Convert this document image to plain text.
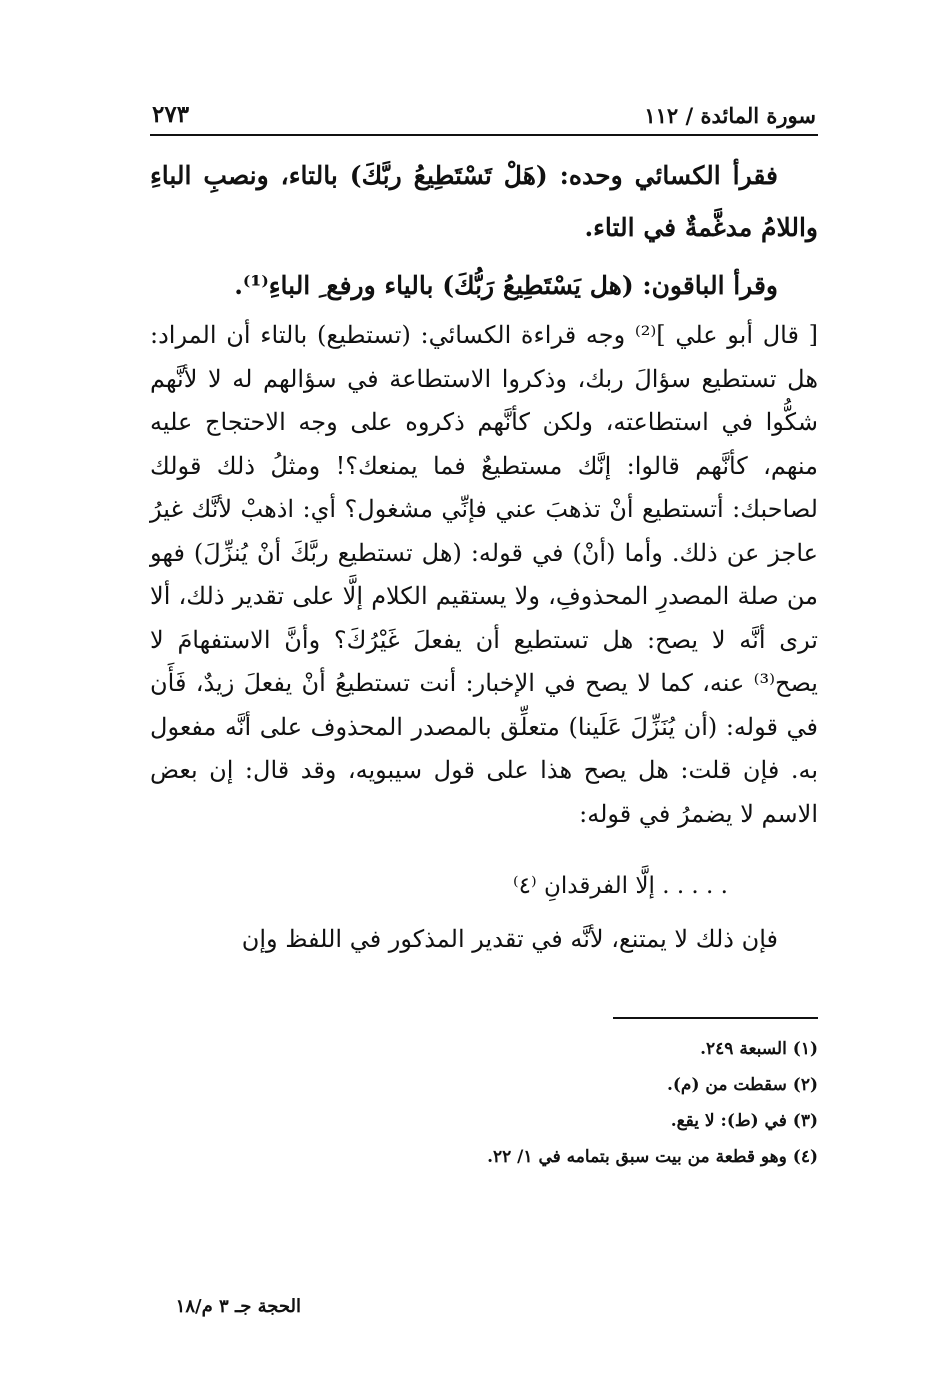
سورة المائدة / ١١٢
٢٧٣

فقرأ الكسائي وحده: (هَلْ تَسْتَطِيعُ ربَّكَ) بالتاء، ونصبِ الباءِ واللامُ مدغَّمةٌ في التاء.

وقرأ الباقون: (هل يَسْتَطِيعُ رَبُّكَ) بالياء ورفع ِ الباءِ⁽¹⁾.

[ قال أبو علي ]⁽²⁾ وجه قراءة الكسائي: (تستطيع) بالتاء أن المراد: هل تستطيع سؤالَ ربك، وذكروا الاستطاعة في سؤالهم له لا لأنَّهم شكُّوا في استطاعته، ولكن كأنَّهم ذكروه على وجه الاحتجاج عليه منهم، كأنَّهم قالوا: إنَّك مستطيعٌ فما يمنعك؟! ومثلُ ذلك قولك لصاحبك: أتستطيع أنْ تذهبَ عني فإنِّي مشغول؟ أي: اذهبْ لأنَّك غيرُ عاجز عن ذلك. وأما (أنْ) في قوله: (هل تستطيع ربَّكَ أنْ يُنزِّلَ) فهو من صلة المصدرِ المحذوفِ، ولا يستقيم الكلام إلَّا على تقدير ذلك، ألا ترى أنَّه لا يصح: هل تستطيع أن يفعلَ غَيْرُكَ؟ وأنَّ الاستفهامَ لا يصح⁽³⁾ عنه، كما لا يصح في الإخبار: أنت تستطيعُ أنْ يفعلَ زيدٌ، فَأَن في قوله: (أن يُنَزِّلَ عَلَينا) متعلِّق بالمصدر المحذوف على أنَّه مفعول به. فإن قلت: هل يصح هذا على قول سيبويه، وقد قال: إن بعض الاسم لا يضمرُ في قوله:

. . . . . إلَّا الفرقدانِ ⁽٤⁾
فإن ذلك لا يمتنع، لأنَّه في تقدير المذكور في اللفظ وإن
(١) السبعة ٢٤٩.
(٢) سقطت من (م).
(٣) في (ط): لا يقع.
(٤) وهو قطعة من بيت سبق بتمامه في ١/ ٢٢.
الحجة جـ ٣ م/١٨
